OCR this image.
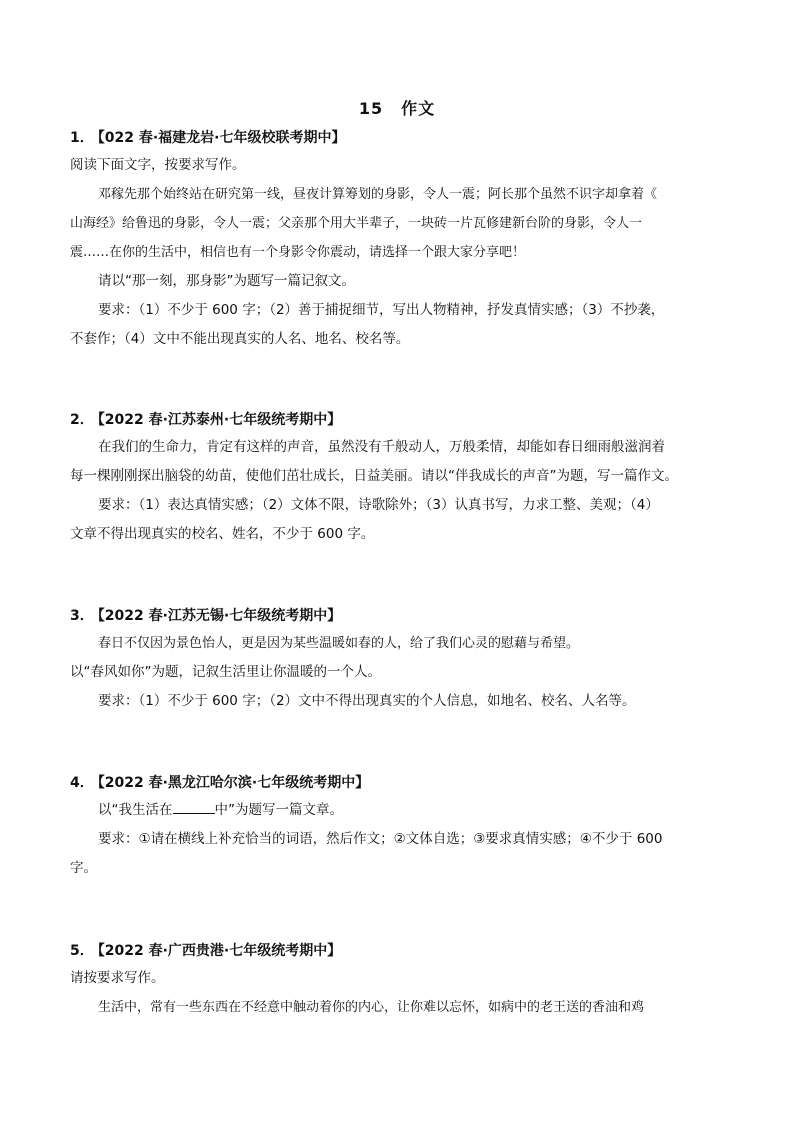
15 作文
1． 【022 春·福建龙岩·七年级校联考期中】
阅读下面文字，按要求写作。
邓稼先那个始终站在研究第一线，昼夜计算筹划的身影，令人一震；阿长那个虽然不识字却拿着《
山海经》给鲁迅的身影，令人一震；父亲那个用大半辈子，一块砖一片瓦修建新台阶的身影，令人一
震……在你的生活中，相信也有一个身影令你震动，请选择一个跟大家分享吧！
请以“那一刻，那身影”为题写一篇记叙文。
要求：（1）不少于 600 字；（2）善于捕捉细节，写出人物精神，抒发真情实感；（3）不抄袭，
不套作；（4）文中不能出现真实的人名、地名、校名等。
2． 【2022 春·江苏泰州·七年级统考期中】
在我们的生命力，肯定有这样的声音，虽然没有千般动人，万般柔情，却能如春日细雨般滋润着
每一棵刚刚探出脑袋的幼苗，使他们茁壮成长，日益美丽。请以“伴我成长的声音”为题，写一篇作文。
要求：（1）表达真情实感；（2）文体不限，诗歌除外；（3）认真书写，力求工整、美观；（4）
文章不得出现真实的校名、姓名，不少于 600 字。
3． 【2022 春·江苏无锡·七年级统考期中】
春日不仅因为景色怡人，更是因为某些温暖如春的人，给了我们心灵的慰藉与希望。
以“春风如你”为题，记叙生活里让你温暖的一个人。
要求：（1）不少于 600 字；（2）文中不得出现真实的个人信息，如地名、校名、人名等。
4． 【2022 春·黑龙江哈尔滨·七年级统考期中】
以“我生活在	中”为题写一篇文章。
要求：①请在横线上补充恰当的词语，然后作文；②文体自选；③要求真情实感；④不少于 600
字。
5． 【2022 春·广西贵港·七年级统考期中】
请按要求写作。
生活中，常有一些东西在不经意中触动着你的内心，让你难以忘怀，如病中的老王送的香油和鸡
